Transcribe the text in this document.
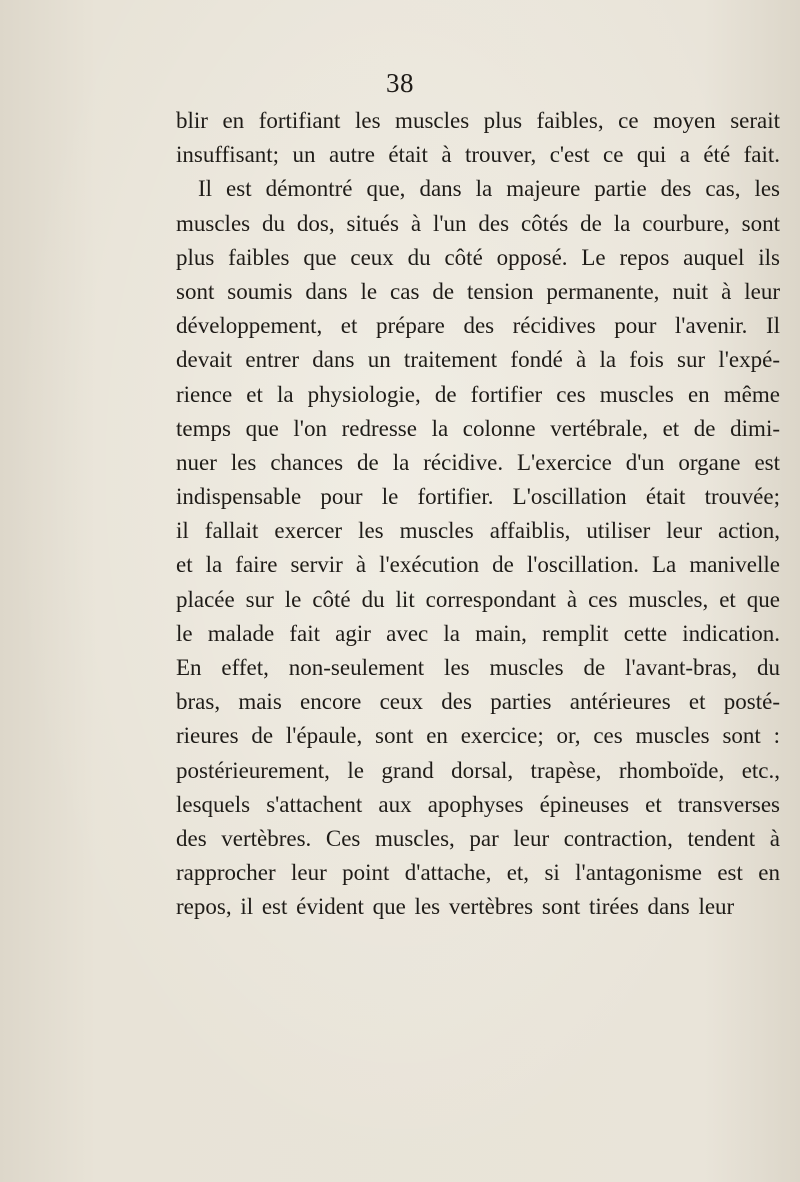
38
blir en fortifiant les muscles plus faibles, ce moyen serait
insuffisant; un autre était à trouver, c'est ce qui a été fait.
Il est démontré que, dans la majeure partie des cas, les
muscles du dos, situés à l'un des côtés de la courbure, sont
plus faibles que ceux du côté opposé. Le repos auquel ils
sont soumis dans le cas de tension permanente, nuit à leur
développement, et prépare des récidives pour l'avenir. Il
devait entrer dans un traitement fondé à la fois sur l'expé-
rience et la physiologie, de fortifier ces muscles en même
temps que l'on redresse la colonne vertébrale, et de dimi-
nuer les chances de la récidive. L'exercice d'un organe est
indispensable pour le fortifier. L'oscillation était trouvée;
il fallait exercer les muscles affaiblis, utiliser leur action,
et la faire servir à l'exécution de l'oscillation. La manivelle
placée sur le côté du lit correspondant à ces muscles, et que
le malade fait agir avec la main, remplit cette indication.
En effet, non-seulement les muscles de l'avant-bras, du
bras, mais encore ceux des parties antérieures et posté-
rieures de l'épaule, sont en exercice; or, ces muscles sont :
postérieurement, le grand dorsal, trapèse, rhomboïde, etc.,
lesquels s'attachent aux apophyses épineuses et transverses
des vertèbres. Ces muscles, par leur contraction, tendent à
rapprocher leur point d'attache, et, si l'antagonisme est en
repos, il est évident que les vertèbres sont tirées dans leur
